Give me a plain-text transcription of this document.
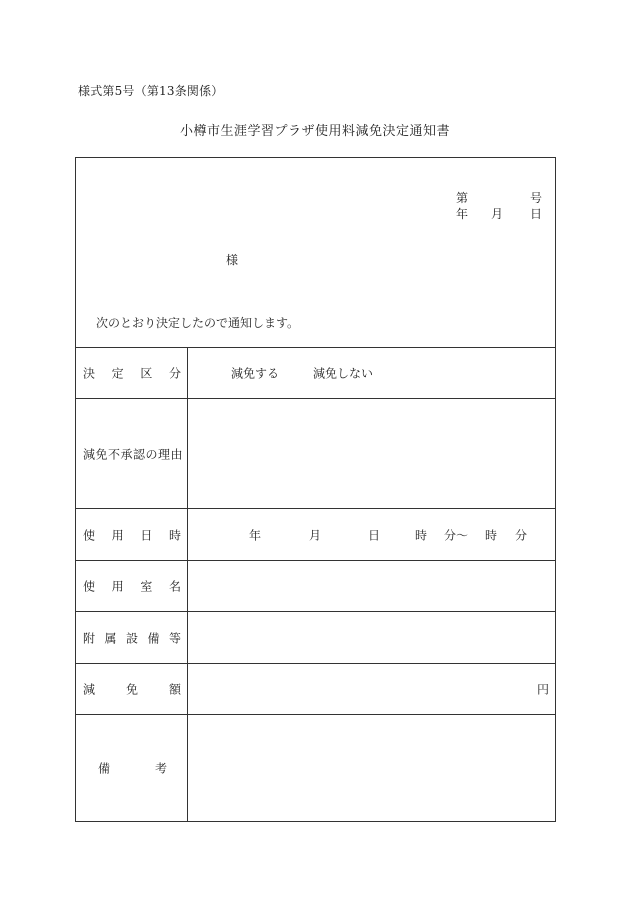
様式第5号（第13条関係）
小樽市生涯学習プラザ使用料減免決定通知書
第	号
年 月 日
様
次のとおり決定したので通知します。
決 定 区 分	減免する	減免しない
減免不承認の理由
使 用 日 時	年	月	日	時 分〜 時 分
使 用 室 名
附 属 設 備 等
減	免	額	円
備	考
